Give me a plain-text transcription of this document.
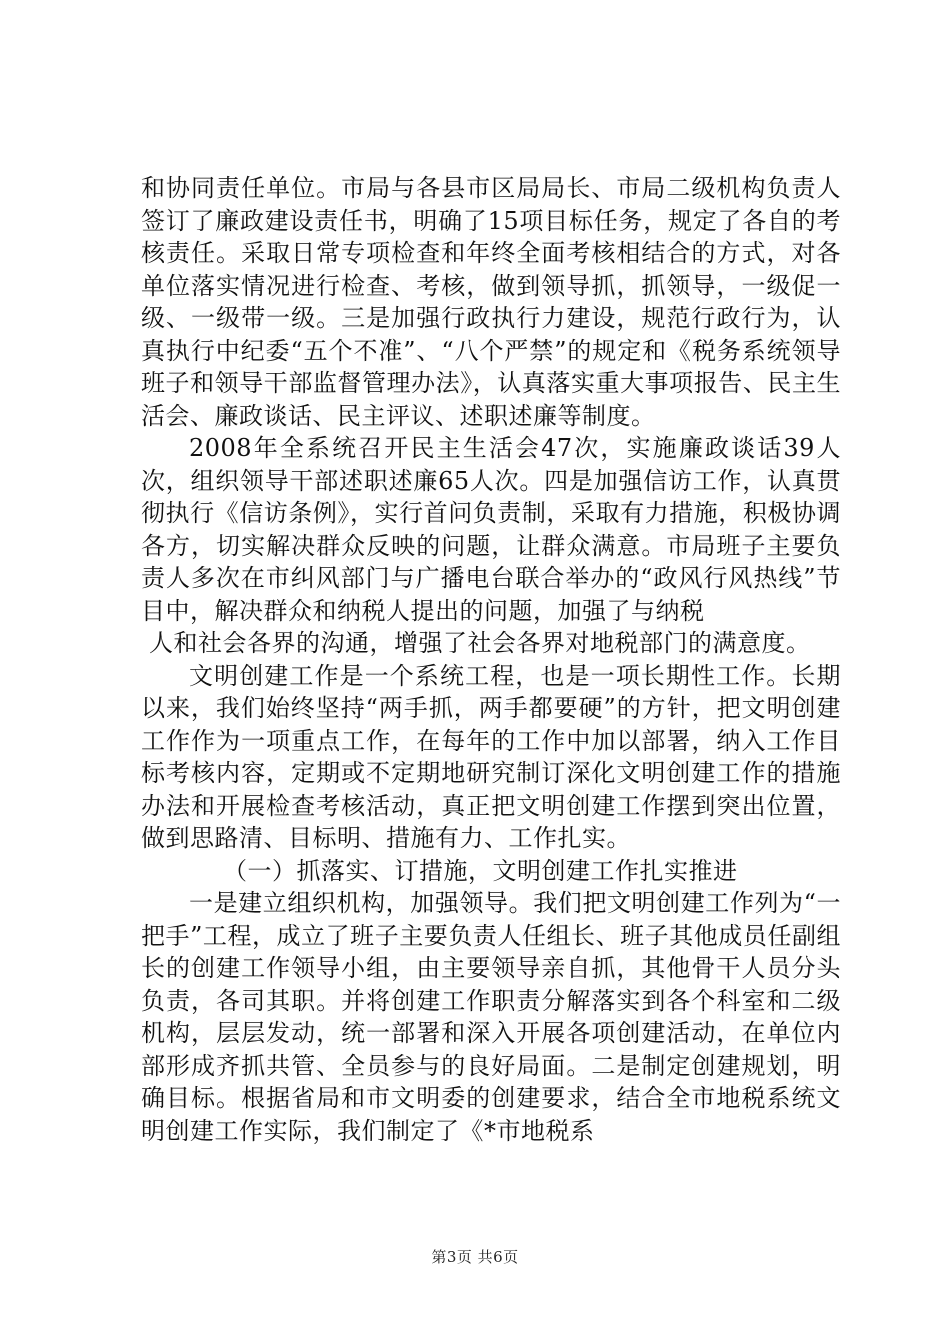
和协同责任单位。市局与各县市区局局长、市局二级机构负责人签订了廉政建设责任书，明确了15项目标任务，规定了各自的考核责任。采取日常专项检查和年终全面考核相结合的方式，对各单位落实情况进行检查、考核，做到领导抓，抓领导，一级促一级、一级带一级。三是加强行政执行力建设，规范行政行为，认真执行中纪委“五个不准”、“八个严禁”的规定和《税务系统领导班子和领导干部监督管理办法》，认真落实重大事项报告、民主生活会、廉政谈话、民主评议、述职述廉等制度。

2008年全系统召开民主生活会47次，实施廉政谈话39人次，组织领导干部述职述廉65人次。四是加强信访工作，认真贯彻执行《信访条例》，实行首问负责制，采取有力措施，积极协调各方，切实解决群众反映的问题，让群众满意。市局班子主要负责人多次在市纠风部门与广播电台联合举办的“政风行风热线”节目中，解决群众和纳税人提出的问题，加强了与纳税

人和社会各界的沟通，增强了社会各界对地税部门的满意度。

文明创建工作是一个系统工程，也是一项长期性工作。长期以来，我们始终坚持“两手抓，两手都要硬”的方针，把文明创建工作作为一项重点工作，在每年的工作中加以部署，纳入工作目标考核内容，定期或不定期地研究制订深化文明创建工作的措施办法和开展检查考核活动，真正把文明创建工作摆到突出位置，做到思路清、目标明、措施有力、工作扎实。

（一）抓落实、订措施，文明创建工作扎实推进

一是建立组织机构，加强领导。我们把文明创建工作列为“一把手”工程，成立了班子主要负责人任组长、班子其他成员任副组长的创建工作领导小组，由主要领导亲自抓，其他骨干人员分头负责，各司其职。并将创建工作职责分解落实到各个科室和二级机构，层层发动，统一部署和深入开展各项创建活动，在单位内部形成齐抓共管、全员参与的良好局面。二是制定创建规划，明确目标。根据省局和市文明委的创建要求，结合全市地税系统文明创建工作实际，我们制定了《*市地税系

第3页 共6页
